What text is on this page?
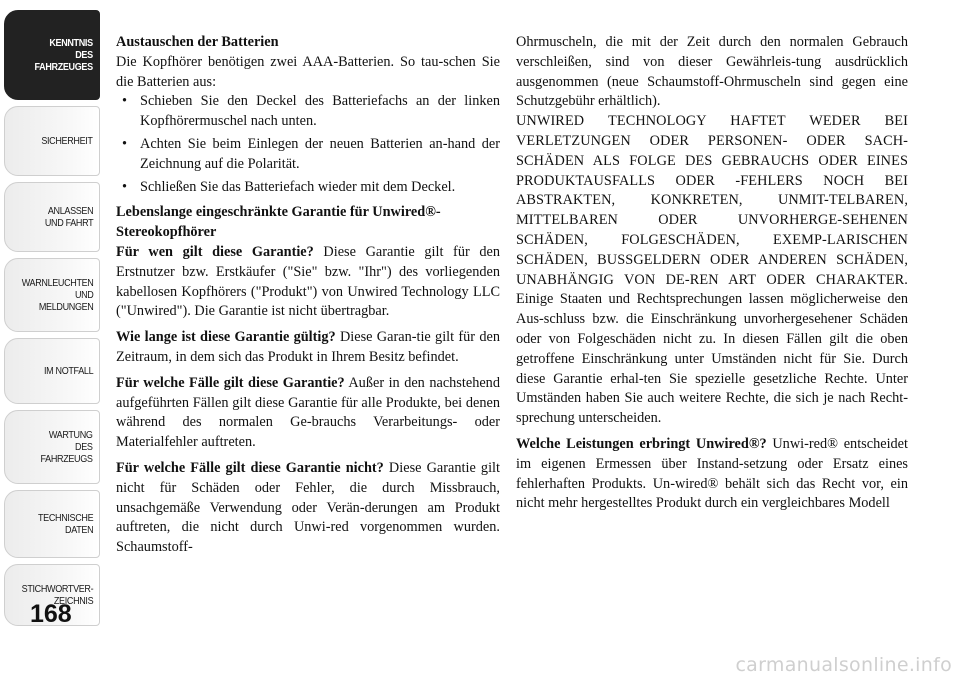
KENNTNIS
DES
FAHRZEUGES
SICHERHEIT
ANLASSEN
UND FAHRT
WARNLEUCHTEN
UND
MELDUNGEN
IM NOTFALL
WARTUNG
DES
FAHRZEUGS
TECHNISCHE
DATEN
STICHWORTVER-
ZEICHNIS
168

Austauschen der Batterien

Die Kopfhörer benötigen zwei AAA-Batterien. So tau-schen Sie die Batterien aus:

• Schieben Sie den Deckel des Batteriefachs an der linken Kopfhörermuschel nach unten.
• Achten Sie beim Einlegen der neuen Batterien an-hand der Zeichnung auf die Polarität.
• Schließen Sie das Batteriefach wieder mit dem Deckel.

Lebenslange eingeschränkte Garantie für Unwired®-Stereokopfhörer

Für wen gilt diese Garantie? Diese Garantie gilt für den Erstnutzer bzw. Erstkäufer ("Sie" bzw. "Ihr") des vorliegenden kabellosen Kopfhörers ("Produkt") von Unwired Technology LLC ("Unwired"). Die Garantie ist nicht übertragbar.

Wie lange ist diese Garantie gültig? Diese Garan-tie gilt für den Zeitraum, in dem sich das Produkt in Ihrem Besitz befindet.

Für welche Fälle gilt diese Garantie? Außer in den nachstehend aufgeführten Fällen gilt diese Garantie für alle Produkte, bei denen während des normalen Ge-brauchs Verarbeitungs- oder Materialfehler auftreten.

Für welche Fälle gilt diese Garantie nicht? Diese Garantie gilt nicht für Schäden oder Fehler, die durch Missbrauch, unsachgemäße Verwendung oder Verän-derungen am Produkt auftreten, die nicht durch Unwi-red vorgenommen wurden. Schaumstoff-

Ohrmuscheln, die mit der Zeit durch den normalen Gebrauch verschleißen, sind von dieser Gewährleis-tung ausdrücklich ausgenommen (neue Schaumstoff-Ohrmuscheln sind gegen eine Schutzgebühr erhältlich).

UNWIRED TECHNOLOGY HAFTET WEDER BEI VERLETZUNGEN ODER PERSONEN- ODER SACH-SCHÄDEN ALS FOLGE DES GEBRAUCHS ODER EINES PRODUKTAUSFALLS ODER -FEHLERS NOCH BEI ABSTRAKTEN, KONKRETEN, UNMIT-TELBAREN, MITTELBAREN ODER UNVORHERGE-SEHENEN SCHÄDEN, FOLGESCHÄDEN, EXEMP-LARISCHEN SCHÄDEN, BUSSGELDERN ODER ANDEREN SCHÄDEN, UNABHÄNGIG VON DE-REN ART ODER CHARAKTER. Einige Staaten und Rechtsprechungen lassen möglicherweise den Aus-schluss bzw. die Einschränkung unvorhergesehener Schäden oder von Folgeschäden nicht zu. In diesen Fällen gilt die oben getroffene Einschränkung unter Umständen nicht für Sie. Durch diese Garantie erhal-ten Sie spezielle gesetzliche Rechte. Unter Umständen haben Sie auch weitere Rechte, die sich je nach Recht-sprechung unterscheiden.

Welche Leistungen erbringt Unwired®? Unwi-red® entscheidet im eigenen Ermessen über Instand-setzung oder Ersatz eines fehlerhaften Produkts. Un-wired® behält sich das Recht vor, ein nicht mehr hergestelltes Produkt durch ein vergleichbares Modell

carmanualsonline.info
